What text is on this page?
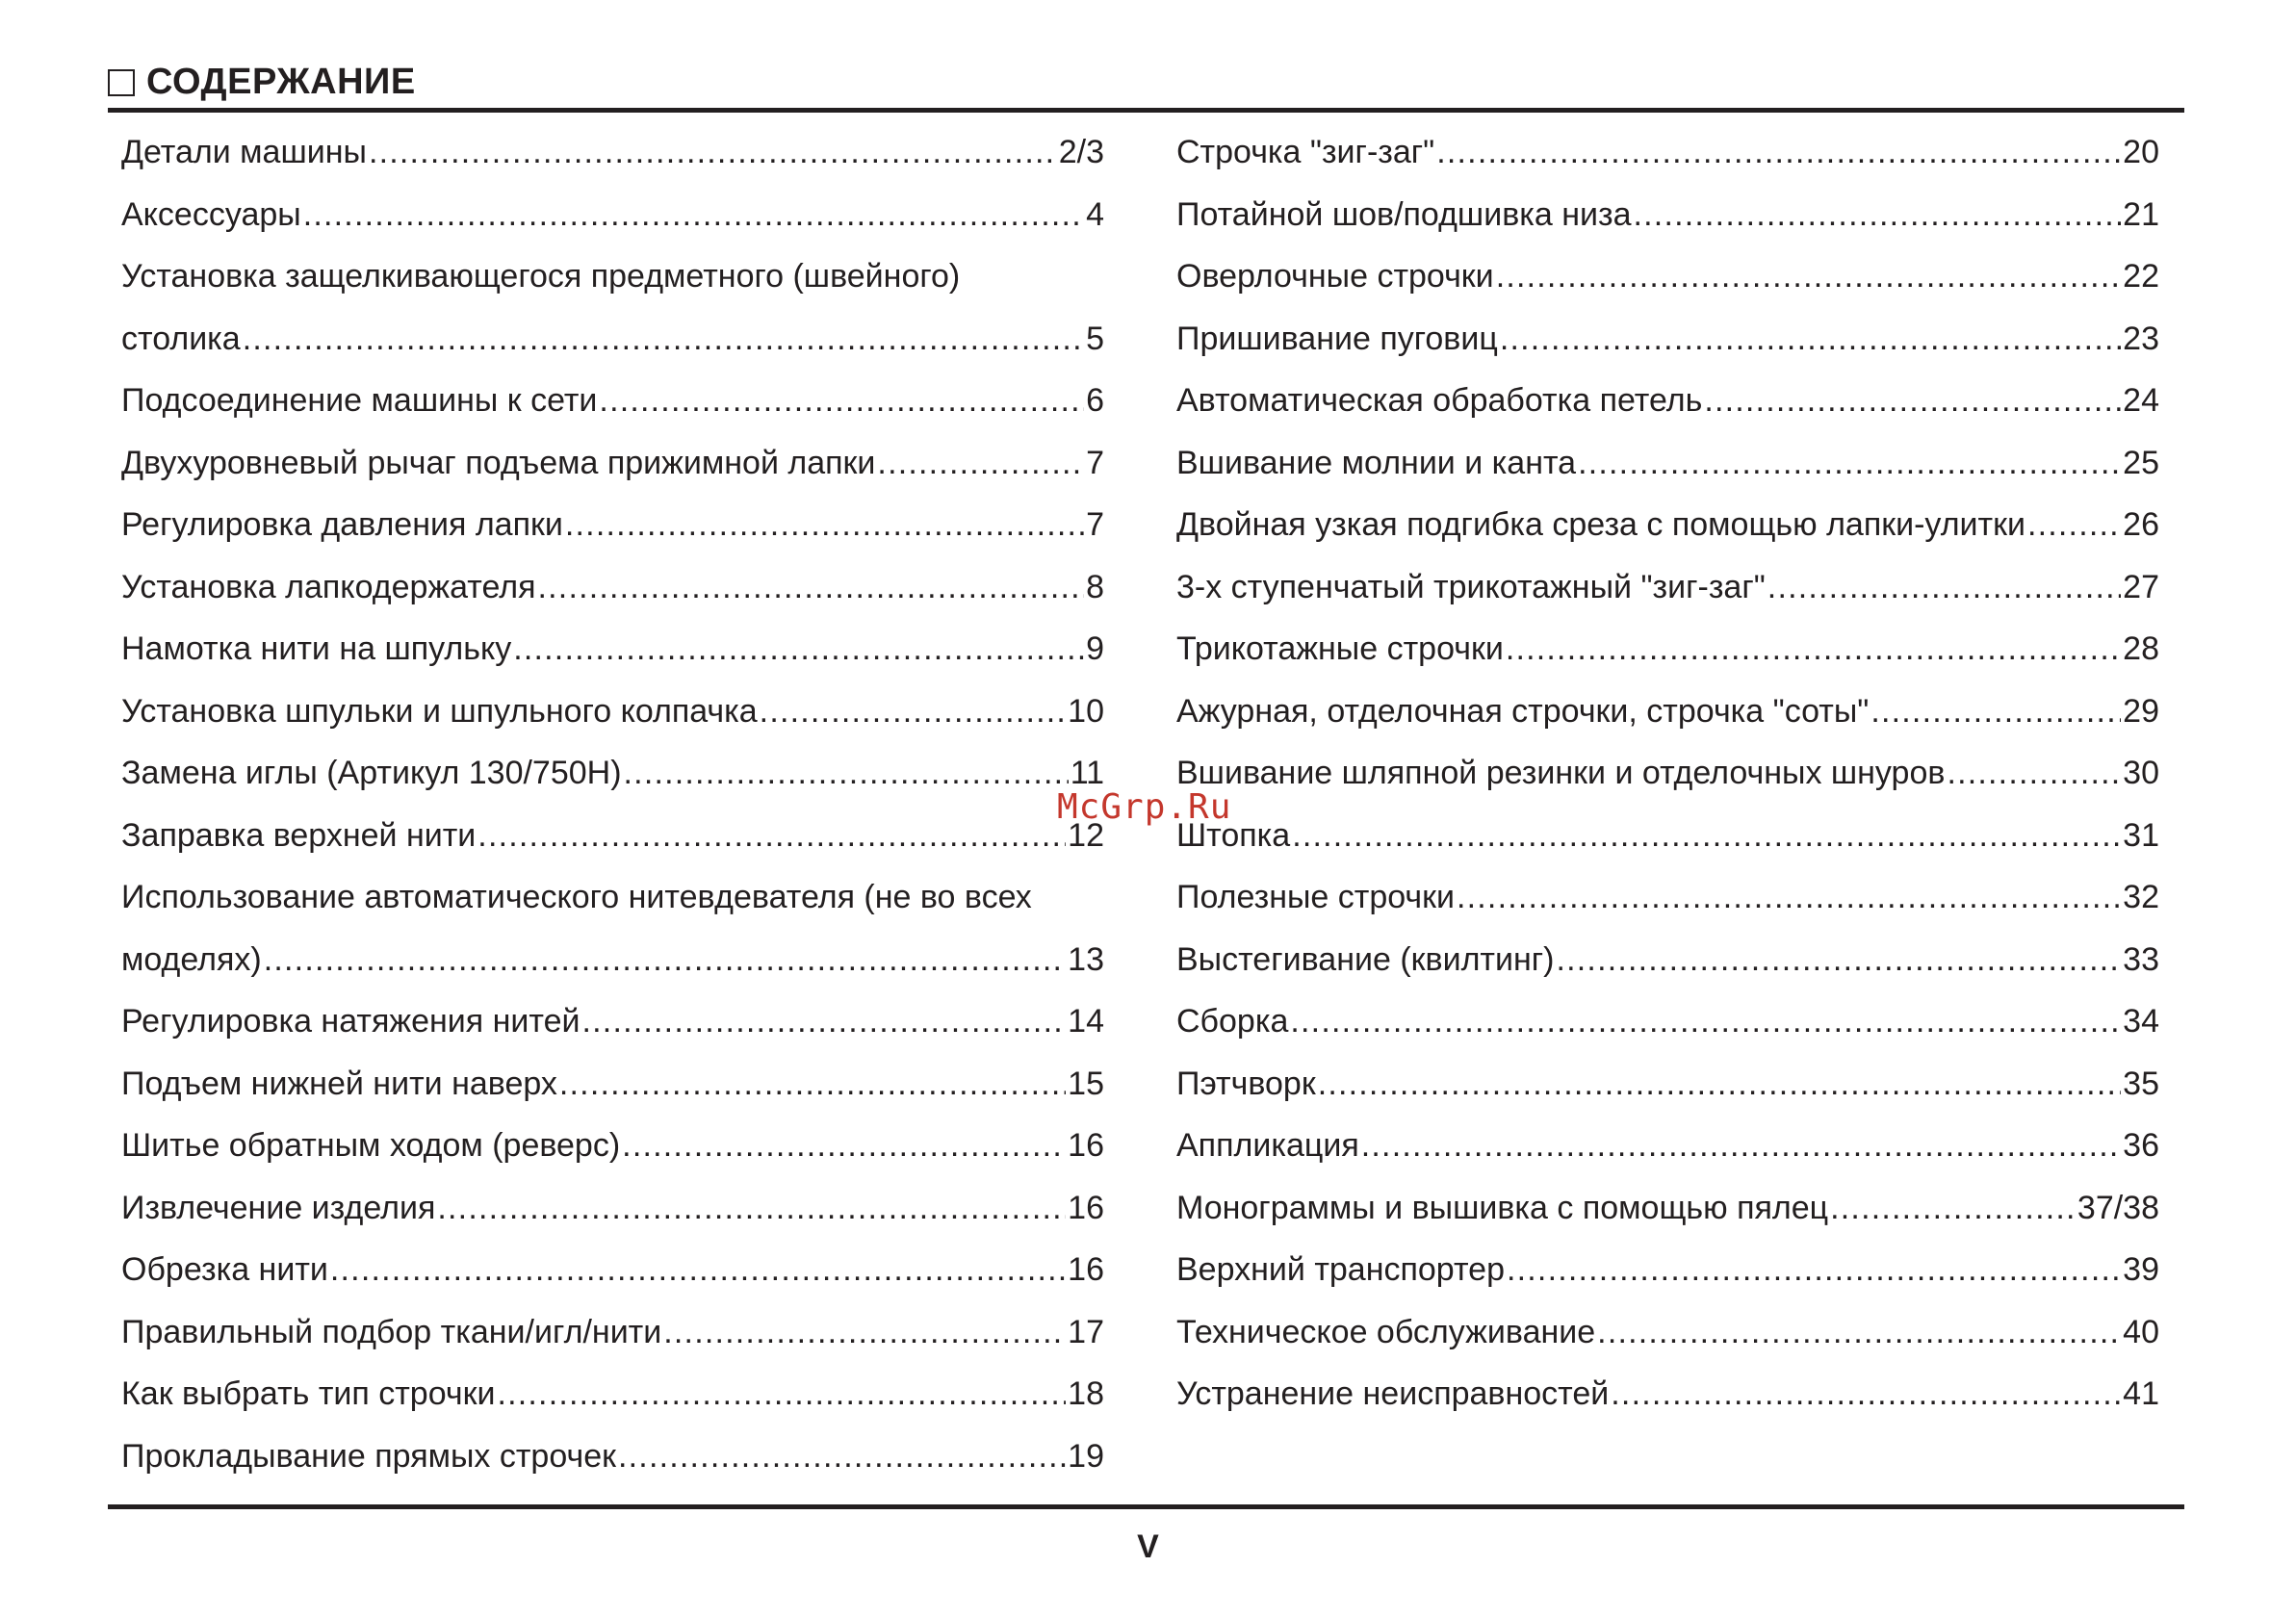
СОДЕРЖАНИЕ
Детали машины .....	2/3
Аксессуары .....	4
Установка защелкивающегося предметного (швейного)
столика .....	5
Подсоединение машины к сети .....	6
Двухуровневый рычаг подъема прижимной лапки .....	7
Регулировка давления лапки .....	7
Установка лапкодержателя .....	8
Намотка нити на шпульку .....	9
Установка шпульки и шпульного колпачка .....	10
Замена иглы (Артикул 130/750H) .....	11
Заправка верхней нити .....	12
Использование автоматического нитевдевателя (не во всех
моделях) .....	13
Регулировка натяжения нитей .....	14
Подъем нижней нити наверх .....	15
Шитье обратным ходом (реверс) .....	16
Извлечение изделия .....	16
Обрезка нити .....	16
Правильный подбор ткани/игл/нити .....	17
Как выбрать тип строчки .....	18
Прокладывание прямых строчек .....	19
Строчка "зиг-заг" .....	20
Потайной шов/подшивка низа .....	21
Оверлочные строчки .....	22
Пришивание пуговиц .....	23
Автоматическая обработка петель .....	24
Вшивание молнии и канта .....	25
Двойная узкая подгибка среза с помощью лапки-улитки .....	26
3-х ступенчатый трикотажный "зиг-заг" .....	27
Трикотажные строчки .....	28
Ажурная, отделочная строчки, строчка "соты" .....	29
Вшивание шляпной резинки и отделочных шнуров .....	30
Штопка .....	31
Полезные строчки .....	32
Выстегивание (квилтинг) .....	33
Сборка .....	34
Пэтчворк .....	35
Аппликация .....	36
Монограммы и вышивка с помощью пялец .....	37/38
Верхний транспортер .....	39
Техническое обслуживание .....	40
Устранение неисправностей .....	41
McGrp.Ru
V
